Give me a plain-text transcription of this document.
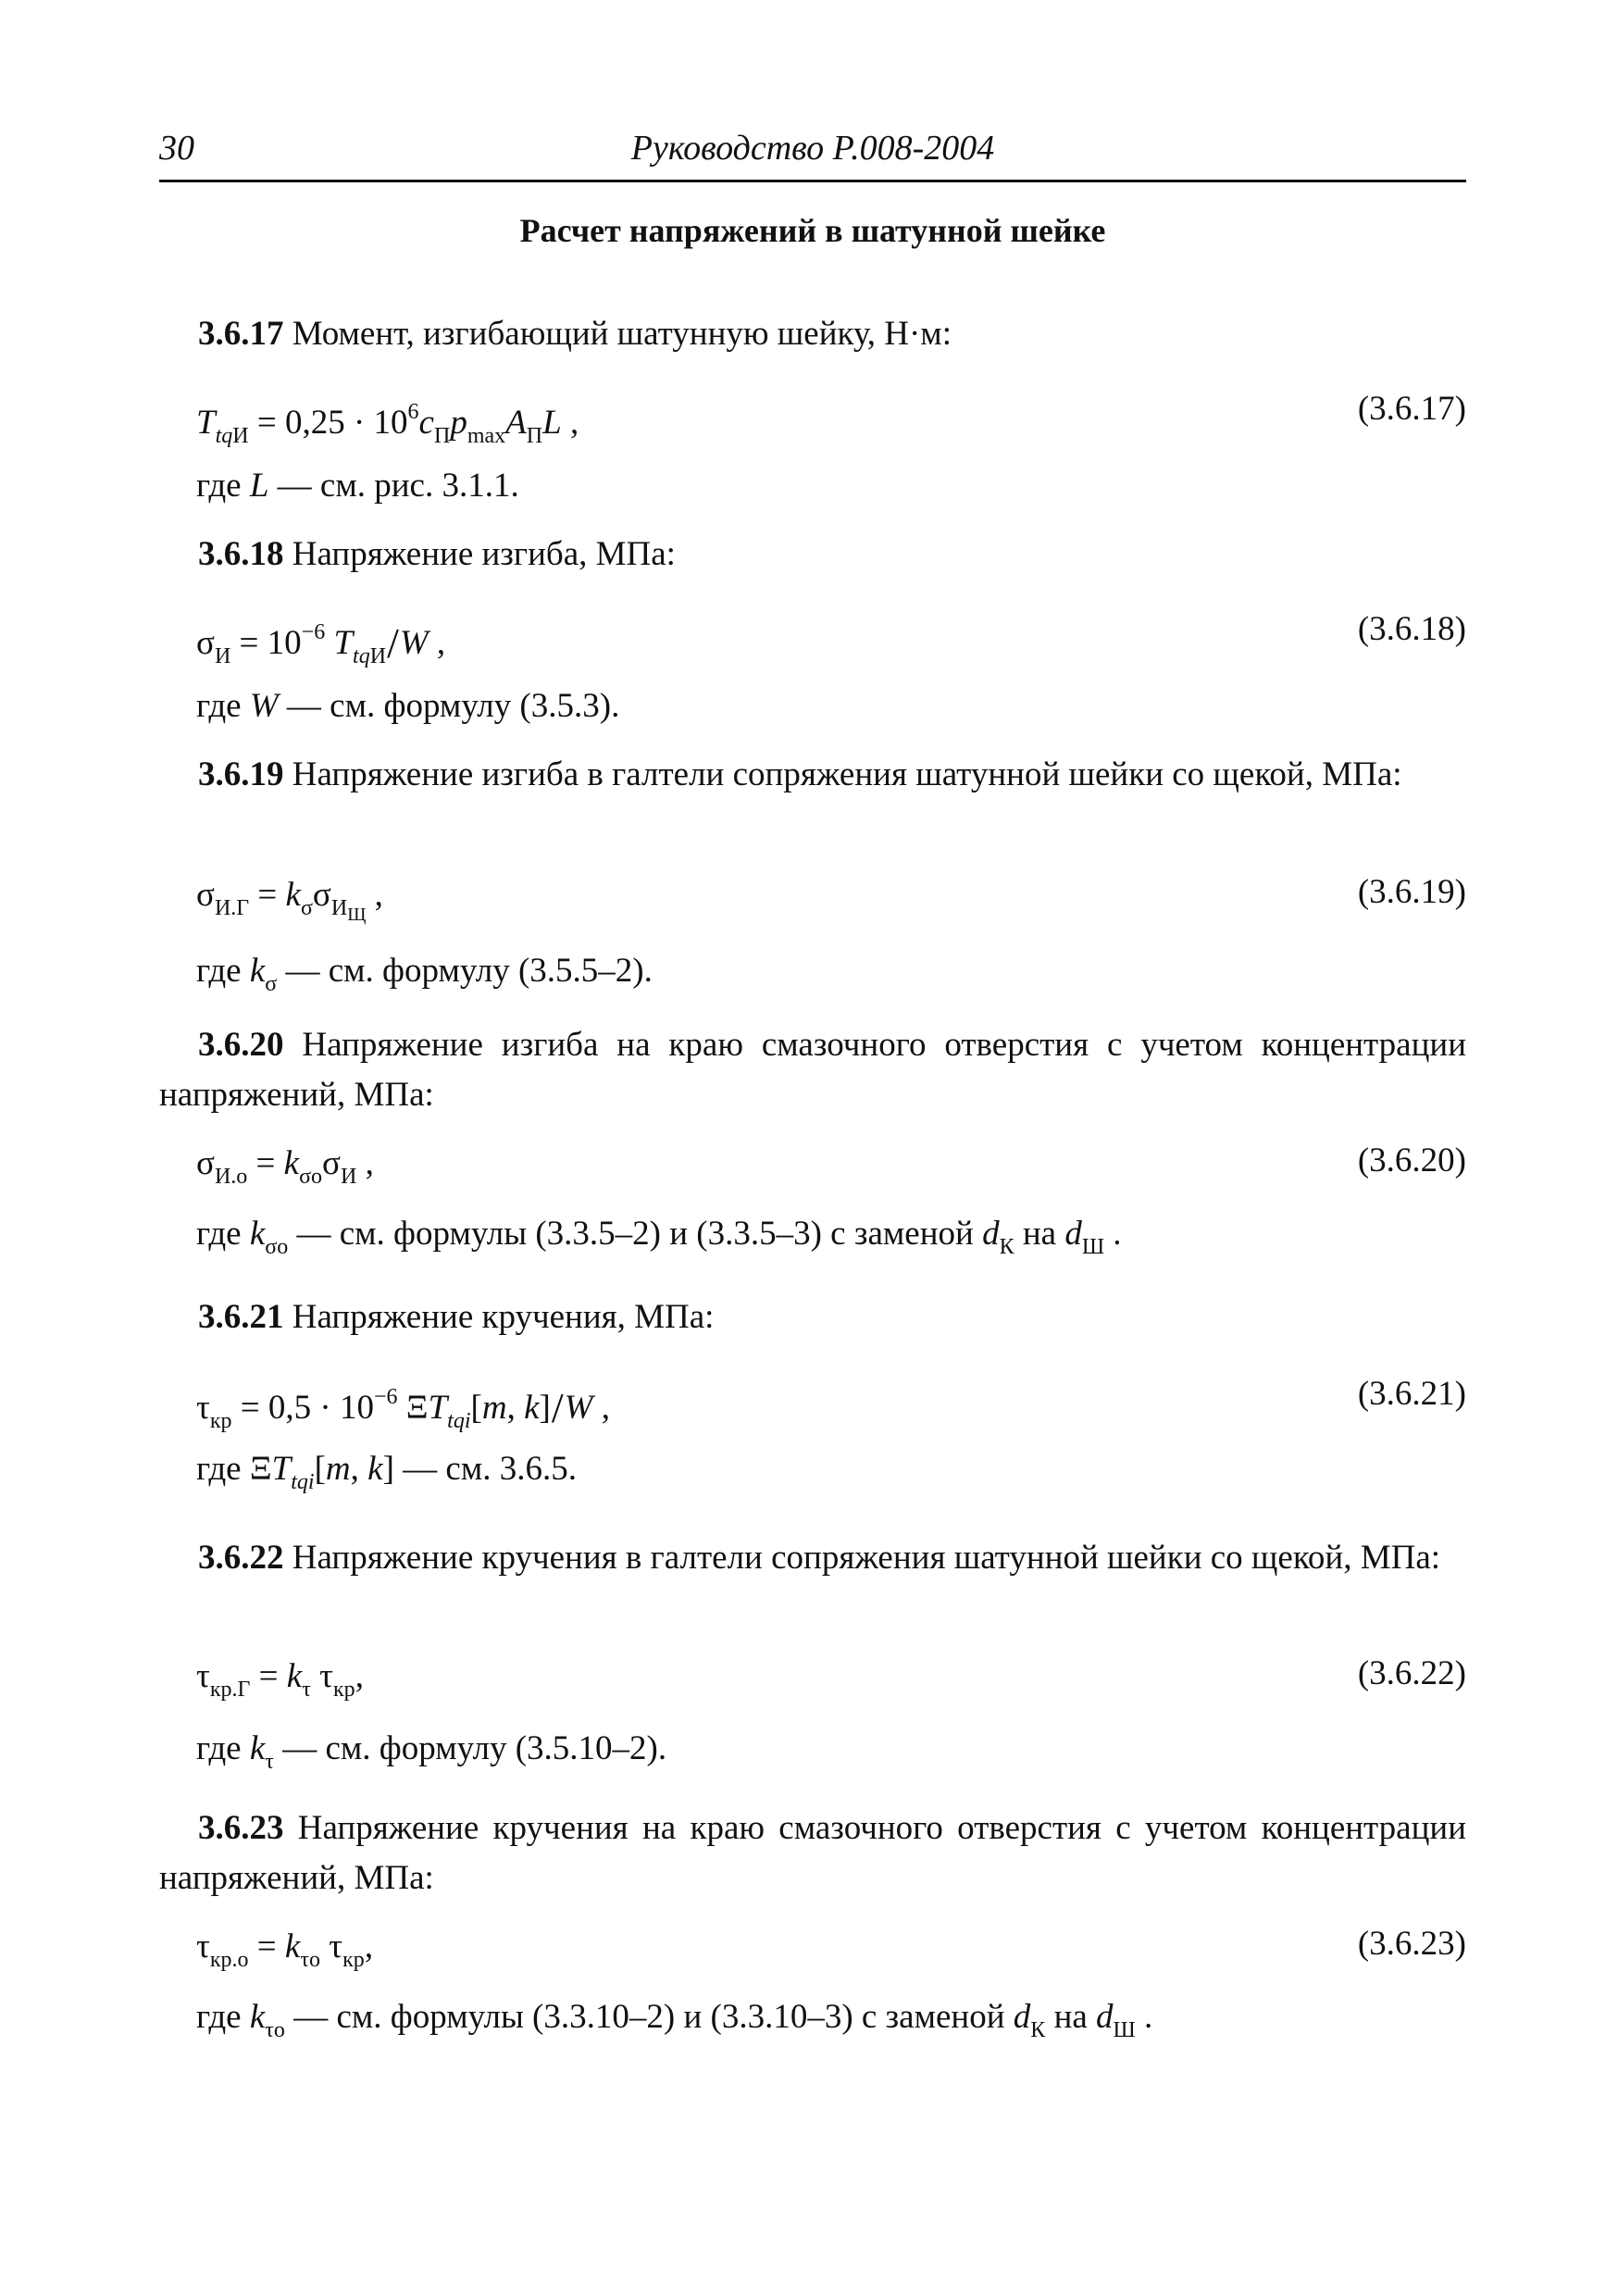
30	Руководство Р.008-2004
Расчет напряжений в шатунной шейке
3.6.17 Момент, изгибающий шатунную шейку, Н·м:
$T_{tqИ} = 0,25 \cdot 10^6c_Пp_{max}A_ПL$ ,	(3.6.17)
где L — см. рис. 3.1.1.
3.6.18 Напряжение изгиба, МПа:
$\sigma_И = 10^{-6}$ $T_{tqИ}/W$ ,	(3.6.18)
где W — см. формулу (3.5.3).
3.6.19 Напряжение изгиба в галтели сопряжения шатунной шейки со щекой, МПа:
$\sigma_{И.Г} = k_\sigma\sigma_{И_Щ}$ ,	(3.6.19)
где $k_\sigma$ — см. формулу (3.5.5–2).
3.6.20 Напряжение изгиба на краю смазочного отверстия с учетом концентрации напряжений, МПа:
$\sigma_{И.о} = k_{\sigma о}\sigma_И$ ,	(3.6.20)
где $k_{\sigma о}$ — см. формулы (3.3.5–2) и (3.3.5–3) с заменой $d_К$ на $d_Ш$ .
3.6.21 Напряжение кручения, МПа:
$\tau_{кр} = 0,5 \cdot 10^{-6}$ $\Xi T_{tqi}[m$, k]/W ,	(3.6.21)
где $\Xi T_{tqi}[m$, k] — см. 3.6.5.
3.6.22 Напряжение кручения в галтели сопряжения шатунной шейки со щекой, МПа:
$\tau_{кр.Г} = k_\tau$ $\tau_{кр}$,	(3.6.22)
где $k_\tau$ — см. формулу (3.5.10–2).
3.6.23 Напряжение кручения на краю смазочного отверстия с учетом концентрации напряжений, МПа:
$\tau_{кр.о} = k_{\tau о}$ $\tau_{кр}$,	(3.6.23)
где $k_{\tau о}$ — см. формулы (3.3.10–2) и (3.3.10–3) с заменой $d_К$ на $d_Ш$ .
